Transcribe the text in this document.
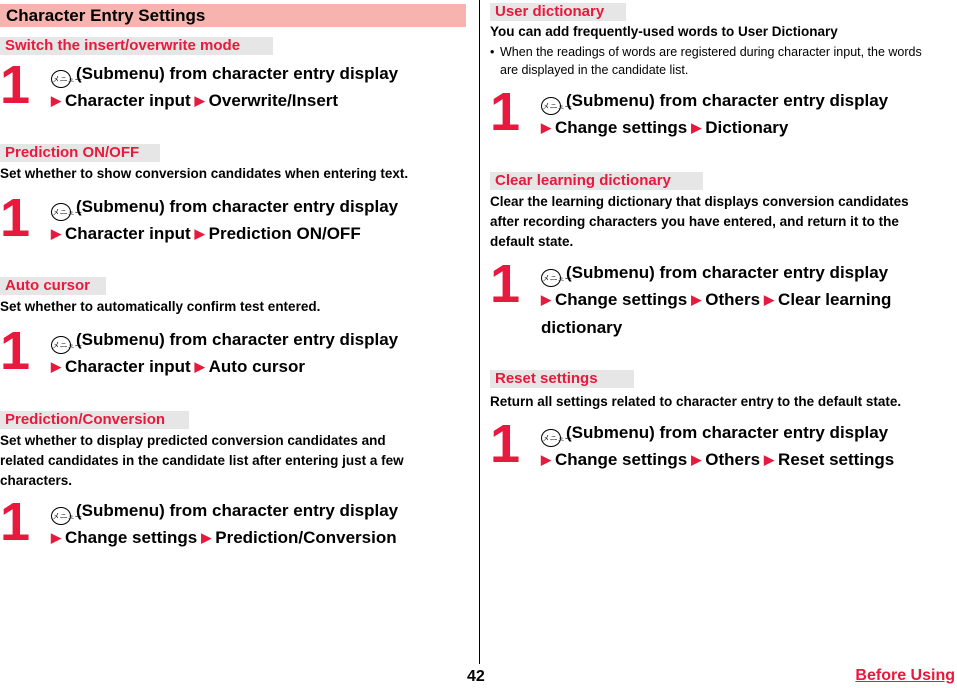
Character Entry Settings
Switch the insert/overwrite mode
1	メニュー(Submenu) from character entry display
▶ Character input ▶ Overwrite/Insert
Prediction ON/OFF
Set whether to show conversion candidates when entering text.
1	メニュー(Submenu) from character entry display
▶ Character input ▶ Prediction ON/OFF
Auto cursor
Set whether to automatically confirm test entered.
1	メニュー(Submenu) from character entry display
▶ Character input ▶ Auto cursor
Prediction/Conversion
Set whether to display predicted conversion candidates and
related candidates in the candidate list after entering just a few
characters.
1	メニュー(Submenu) from character entry display
▶ Change settings ▶ Prediction/Conversion
User dictionary
You can add frequently-used words to User Dictionary
• When the readings of words are registered during character input, the words
are displayed in the candidate list.
1	メニュー(Submenu) from character entry display
▶ Change settings ▶ Dictionary
Clear learning dictionary
Clear the learning dictionary that displays conversion candidates
after recording characters you have entered, and return it to the
default state.
1	メニュー(Submenu) from character entry display
▶ Change settings ▶ Others ▶ Clear learning
dictionary
Reset settings
Return all settings related to character entry to the default state.
1	メニュー(Submenu) from character entry display
▶ Change settings ▶ Others ▶ Reset settings
42	Before Using
